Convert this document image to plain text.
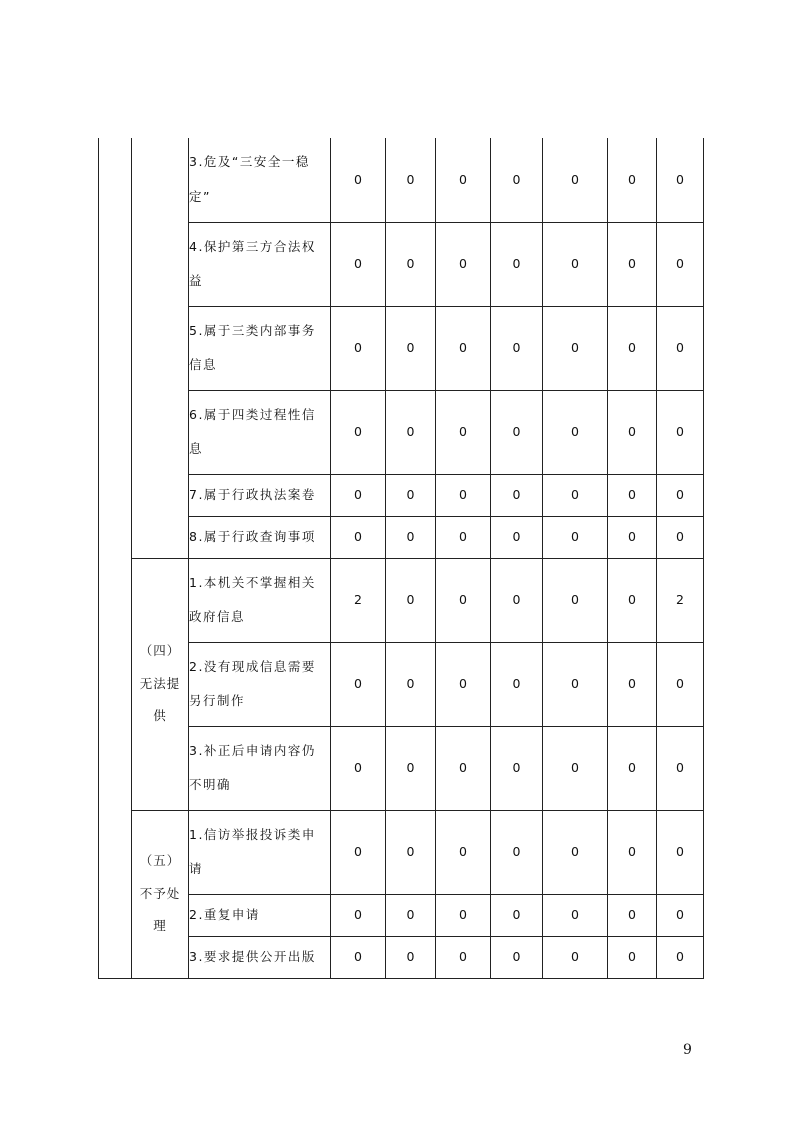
		3.危及“三安全一稳
定”	0	0	0	0	0	0	0

		4.保护第三方合法权
益	0	0	0	0	0	0	0

		5.属于三类内部事务
信息	0	0	0	0	0	0	0

		6.属于四类过程性信
息	0	0	0	0	0	0	0

		7.属于行政执法案卷	0	0	0	0	0	0	0

		8.属于行政查询事项	0	0	0	0	0	0	0

	（四）
无法提
供	1.本机关不掌握相关
政府信息	2	0	0	0	0	0	2

		2.没有现成信息需要
另行制作	0	0	0	0	0	0	0

		3.补正后申请内容仍
不明确	0	0	0	0	0	0	0

	（五）
不予处
理	1.信访举报投诉类申
请	0	0	0	0	0	0	0

		2.重复申请	0	0	0	0	0	0	0

		3.要求提供公开出版	0	0	0	0	0	0	0
9
